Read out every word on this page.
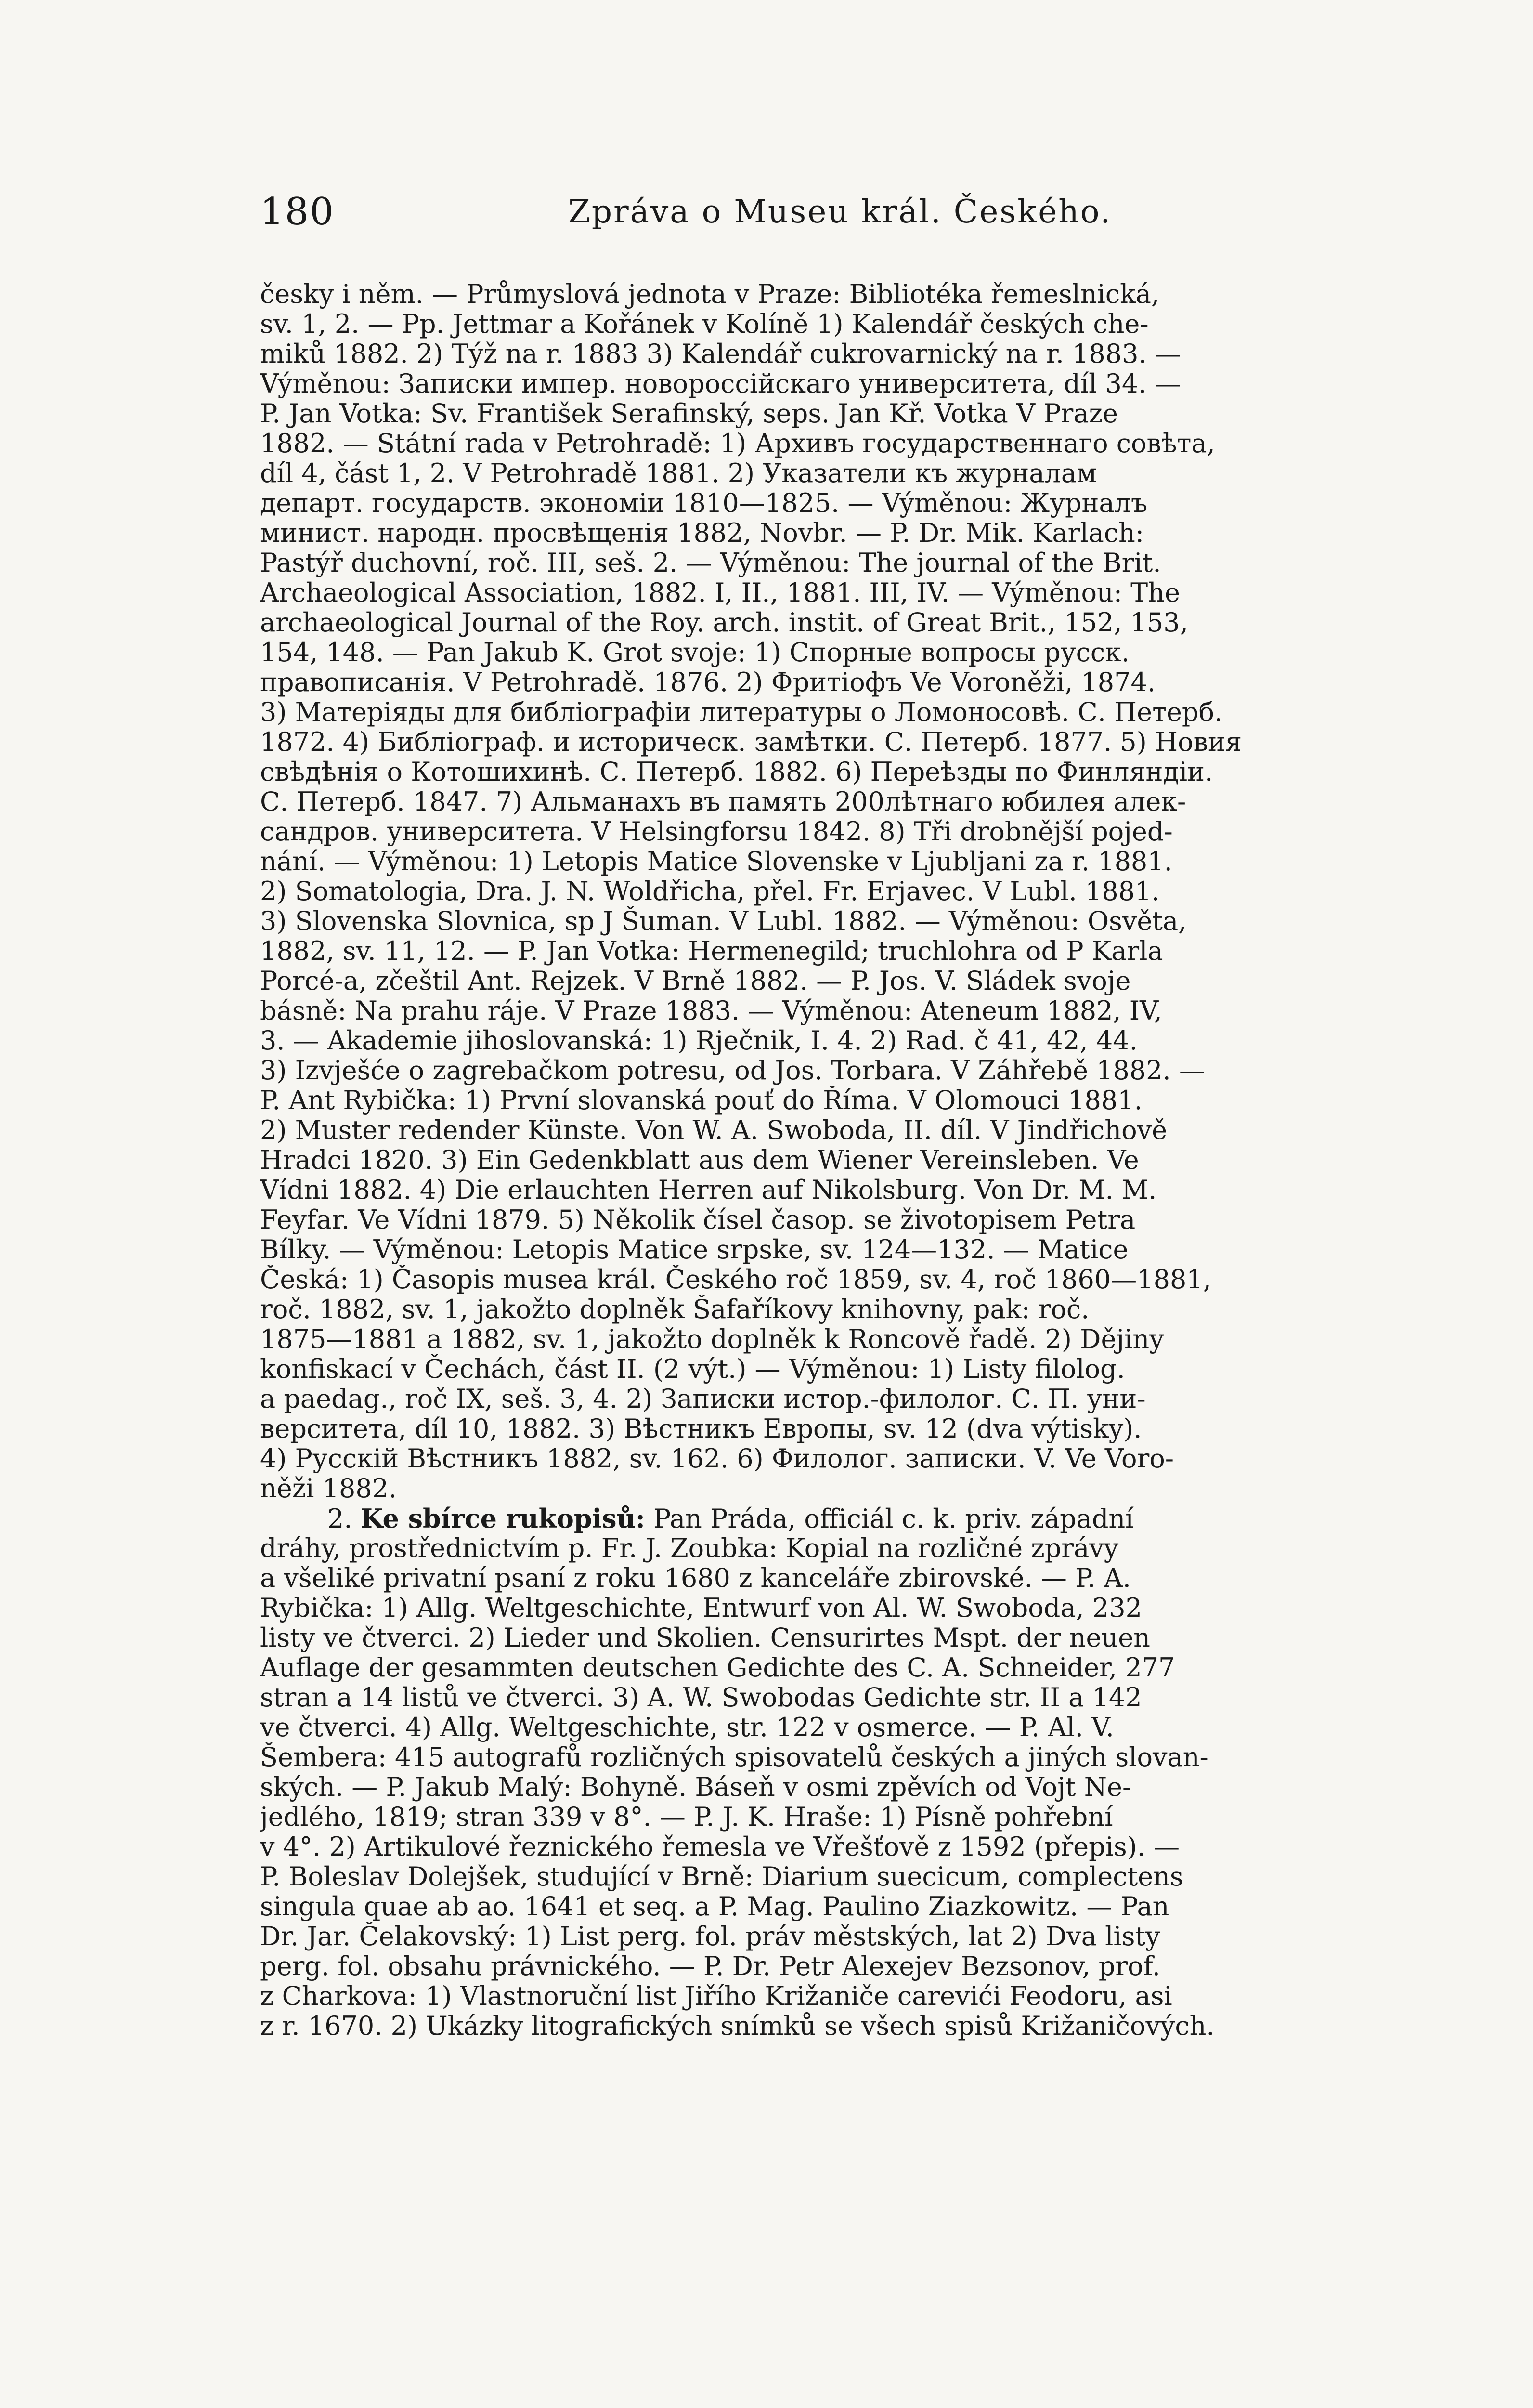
180	Zpráva o Museu král. Českého.
česky i něm. — Průmyslová jednota v Praze: Bibliotéka řemeslnická,
sv. 1, 2. — Pp. Jettmar a Kořánek v Kolíně 1) Kalendář českých che-
miků 1882. 2) Týž na r. 1883 3) Kalendář cukrovarnický na r. 1883. —
Výměnou: Записки импер. новороссійскаго университета, díl 34. —
P. Jan Votka: Sv. František Serafinský, seps. Jan Kř. Votka V Praze
1882. — Státní rada v Petrohradě: 1) Архивъ государственнаго совѣта,
díl 4, část 1, 2. V Petrohradě 1881. 2) Указатели къ журналам
департ. государств. экономіи 1810—1825. — Výměnou: Журналъ
минист. народн. просвѣщенія 1882, Novbr. — P. Dr. Mik. Karlach:
Pastýř duchovní, roč. III, seš. 2. — Výměnou: The journal of the Brit.
Archaeological Association, 1882. I, II., 1881. III, IV. — Výměnou: The
archaeological Journal of the Roy. arch. instit. of Great Brit., 152, 153,
154, 148. — Pan Jakub K. Grot svoje: 1) Спорные вопросы русск.
правописанія. V Petrohradě. 1876. 2) Фритіофъ Ve Voroněži, 1874.
3) Матеріяды для библіографіи литературы о Ломоносовѣ. С. Петерб.
1872. 4) Библіограф. и историческ. замѣтки. С. Петерб. 1877. 5) Новия
свѣдѣнія о Котошихинѣ. С. Петерб. 1882. 6) Переѣзды по Финляндіи.
С. Петерб. 1847. 7) Альманахъ въ память 200лѣтнаго юбилея алек-
сандров. университета. V Helsingforsu 1842. 8) Tři drobnější pojed-
nání. — Výměnou: 1) Letopis Matice Slovenske v Ljubljani za r. 1881.
2) Somatologia, Dra. J. N. Woldřicha, přel. Fr. Erjavec. V Lubl. 1881.
3) Slovenska Slovnica, sp J Šuman. V Lubl. 1882. — Výměnou: Osvěta,
1882, sv. 11, 12. — P. Jan Votka: Hermenegild; truchlohra od P Karla
Porcé-a, zčeštil Ant. Rejzek. V Brně 1882. — P. Jos. V. Sládek svoje
básně: Na prahu ráje. V Praze 1883. — Výměnou: Ateneum 1882, IV,
3. — Akademie jihoslovanská: 1) Rječnik, I. 4. 2) Rad. č 41, 42, 44.
3) Izvješće o zagrebačkom potresu, od Jos. Torbara. V Záhřebě 1882. —
P. Ant Rybička: 1) První slovanská pouť do Říma. V Olomouci 1881.
2) Muster redender Künste. Von W. A. Swoboda, II. díl. V Jindřichově
Hradci 1820. 3) Ein Gedenkblatt aus dem Wiener Vereinsleben. Ve
Vídni 1882. 4) Die erlauchten Herren auf Nikolsburg. Von Dr. M. M.
Feyfar. Ve Vídni 1879. 5) Několik čísel časop. se životopisem Petra
Bílky. — Výměnou: Letopis Matice srpske, sv. 124—132. — Matice
Česká: 1) Časopis musea král. Českého roč 1859, sv. 4, roč 1860—1881,
roč. 1882, sv. 1, jakožto doplněk Šafaříkovy knihovny, pak: roč.
1875—1881 a 1882, sv. 1, jakožto doplněk k Roncově řadě. 2) Dějiny
konfiskací v Čechách, část II. (2 výt.) — Výměnou: 1) Listy filolog.
a paedag., roč IX, seš. 3, 4. 2) Записки истор.-филолог. С. П. уни-
верситета, díl 10, 1882. 3) Вѣстникъ Европы, sv. 12 (dva výtisky).
4) Русскій Вѣстникъ 1882, sv. 162. 6) Филолог. записки. V. Ve Voro-
něži 1882.
2. Ke sbírce rukopisů: Pan Práda, officiál c. k. priv. západní
dráhy, prostřednictvím p. Fr. J. Zoubka: Kopial na rozličné zprávy
a všeliké privatní psaní z roku 1680 z kanceláře zbirovské. — P. A.
Rybička: 1) Allg. Weltgeschichte, Entwurf von Al. W. Swoboda, 232
listy ve čtverci. 2) Lieder und Skolien. Censurirtes Mspt. der neuen
Auflage der gesammten deutschen Gedichte des C. A. Schneider, 277
stran a 14 listů ve čtverci. 3) A. W. Swobodas Gedichte str. II a 142
ve čtverci. 4) Allg. Weltgeschichte, str. 122 v osmerce. — P. Al. V.
Šembera: 415 autografů rozličných spisovatelů českých a jiných slovan-
ských. — P. Jakub Malý: Bohyně. Báseň v osmi zpěvích od Vojt Ne-
jedlého, 1819; stran 339 v 8°. — P. J. K. Hraše: 1) Písně pohřební
v 4°. 2) Artikulové řeznického řemesla ve Vřešťově z 1592 (přepis). —
P. Boleslav Dolejšek, studující v Brně: Diarium suecicum, complectens
singula quae ab ao. 1641 et seq. a P. Mag. Paulino Ziazkowitz. — Pan
Dr. Jar. Čelakovský: 1) List perg. fol. práv městských, lat 2) Dva listy
perg. fol. obsahu právnického. — P. Dr. Petr Alexejev Bezsonov, prof.
z Charkova: 1) Vlastnoruční list Jiřího Križaniče carevići Feodoru, asi
z r. 1670. 2) Ukázky litografických snímků se všech spisů Križaničových.
